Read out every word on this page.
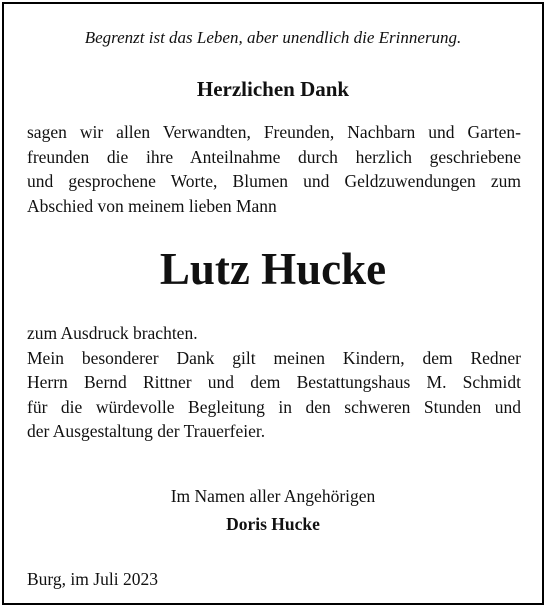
Begrenzt ist das Leben, aber unendlich die Erinnerung.
Herzlichen Dank
sagen wir allen Verwandten, Freunden, Nachbarn und Garten-
freunden die ihre Anteilnahme durch herzlich geschriebene
und gesprochene Worte, Blumen und Geldzuwendungen zum
Abschied von meinem lieben Mann
Lutz Hucke
zum Ausdruck brachten.
Mein besonderer Dank gilt meinen Kindern, dem Redner
Herrn Bernd Rittner und dem Bestattungshaus M. Schmidt
für die würdevolle Begleitung in den schweren Stunden und
der Ausgestaltung der Trauerfeier.
Im Namen aller Angehörigen
Doris Hucke
Burg, im Juli 2023
